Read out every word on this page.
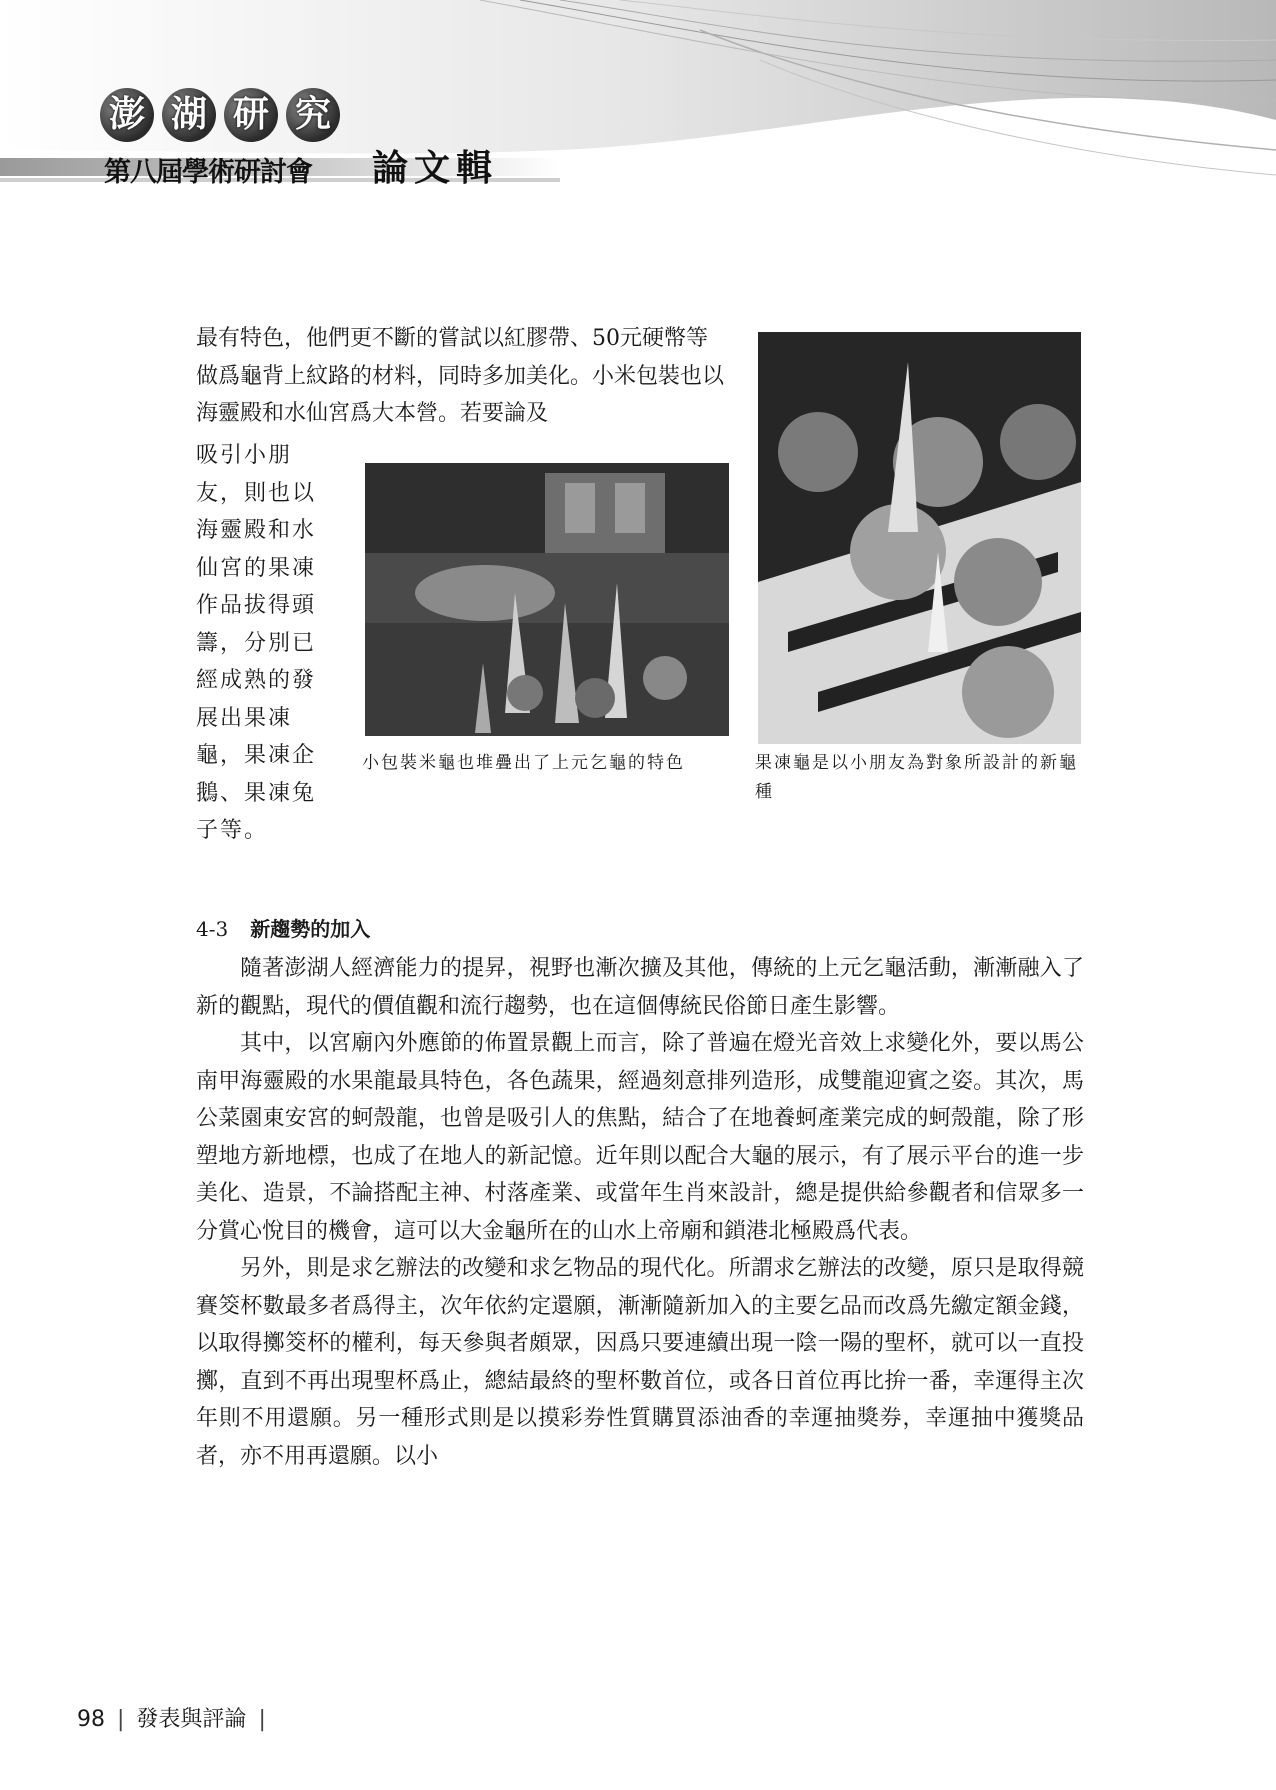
澎 湖 研 究
第八屆學術研討會 論文輯
最有特色，他們更不斷的嘗試以紅膠帶、50元硬幣等做爲龜背上紋路的材料，同時多加美化。小米包裝也以海靈殿和水仙宮爲大本營。若要論及
吸引小朋友，則也以海靈殿和水仙宮的果凍作品拔得頭籌，分別已經成熟的發展出果凍龜，果凍企鵝、果凍兔子等。
小包裝米龜也堆疊出了上元乞龜的特色	果凍龜是以小朋友為對象所設計的新龜種
4-3 新趨勢的加入

隨著澎湖人經濟能力的提昇，視野也漸次擴及其他，傳統的上元乞龜活動，漸漸融入了新的觀點，現代的價值觀和流行趨勢，也在這個傳統民俗節日產生影響。

其中，以宮廟內外應節的佈置景觀上而言，除了普遍在燈光音效上求變化外，要以馬公南甲海靈殿的水果龍最具特色，各色蔬果，經過刻意排列造形，成雙龍迎賓之姿。其次，馬公菜園東安宮的蚵殼龍，也曾是吸引人的焦點，結合了在地養蚵產業完成的蚵殼龍，除了形塑地方新地標，也成了在地人的新記憶。近年則以配合大龜的展示，有了展示平台的進一步美化、造景，不論搭配主神、村落產業、或當年生肖來設計，總是提供給參觀者和信眾多一分賞心悅目的機會，這可以大金龜所在的山水上帝廟和鎖港北極殿爲代表。

另外，則是求乞辦法的改變和求乞物品的現代化。所謂求乞辦法的改變，原只是取得競賽筊杯數最多者爲得主，次年依約定還願，漸漸隨新加入的主要乞品而改爲先繳定額金錢，以取得擲筊杯的權利，每天參與者頗眾，因爲只要連續出現一陰一陽的聖杯，就可以一直投擲，直到不再出現聖杯爲止，總結最終的聖杯數首位，或各日首位再比拚一番，幸運得主次年則不用還願。另一種形式則是以摸彩券性質購買添油香的幸運抽獎券，幸運抽中獲獎品者，亦不用再還願。以小

98 | 發表與評論 |
